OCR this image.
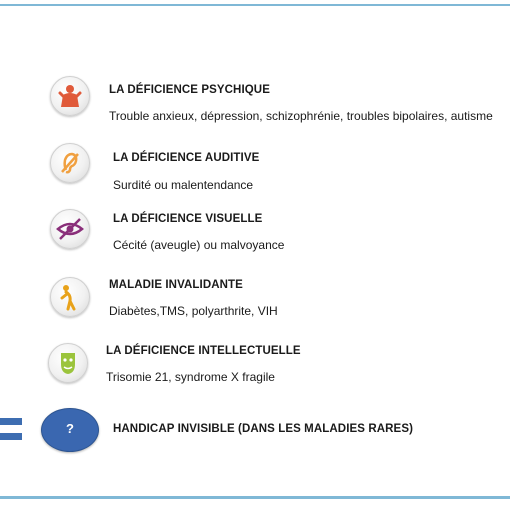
LA DÉFICIENCE PSYCHIQUE
Trouble anxieux, dépression, schizophrénie, troubles bipolaires, autisme
LA DÉFICIENCE AUDITIVE
Surdité ou malentendance
LA DÉFICIENCE VISUELLE
Cécité (aveugle) ou malvoyance
MALADIE INVALIDANTE
Diabètes,TMS, polyarthrite, VIH
LA DÉFICIENCE INTELLECTUELLE
Trisomie 21, syndrome X fragile
?	HANDICAP INVISIBLE (DANS LES MALADIES RARES)
